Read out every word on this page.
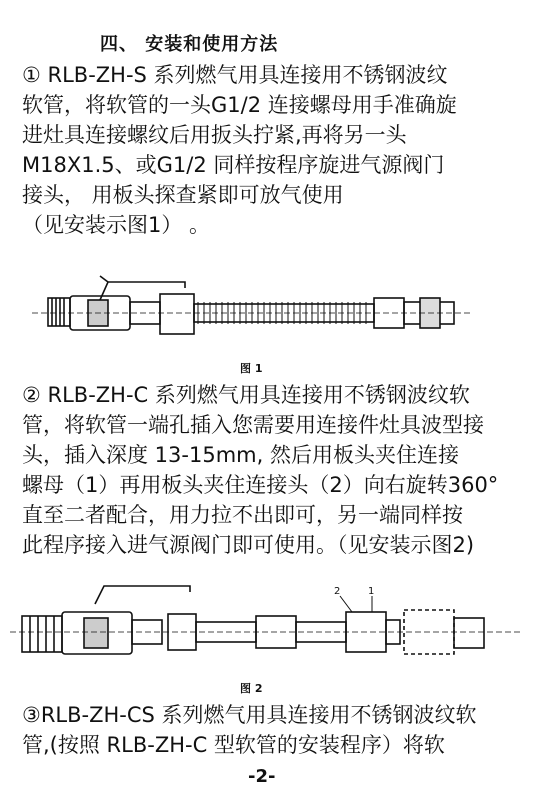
四、 安装和使用方法
① RLB-ZH-S 系列燃气用具连接用不锈钢波纹
软管，将软管的一头G1/2 连接螺母用手准确旋
进灶具连接螺纹后用扳头拧紧,再将另一头
M18X1.5、或G1/2 同样按程序旋进气源阀门
接头， 用板头探查紧即可放气使用
（见安装示图1） 。
图 1
② RLB-ZH-C 系列燃气用具连接用不锈钢波纹软
管，将软管一端孔插入您需要用连接件灶具波型接
头，插入深度 13-15mm, 然后用板头夹住连接
螺母（1）再用板头夹住连接头（2）向右旋转360°
直至二者配合，用力拉不出即可，另一端同样按
此程序接入进气源阀门即可使用。（见安装示图2)
2	1
图 2
③RLB-ZH-CS 系列燃气用具连接用不锈钢波纹软
管,(按照 RLB-ZH-C 型软管的安装程序）将软
-2-
